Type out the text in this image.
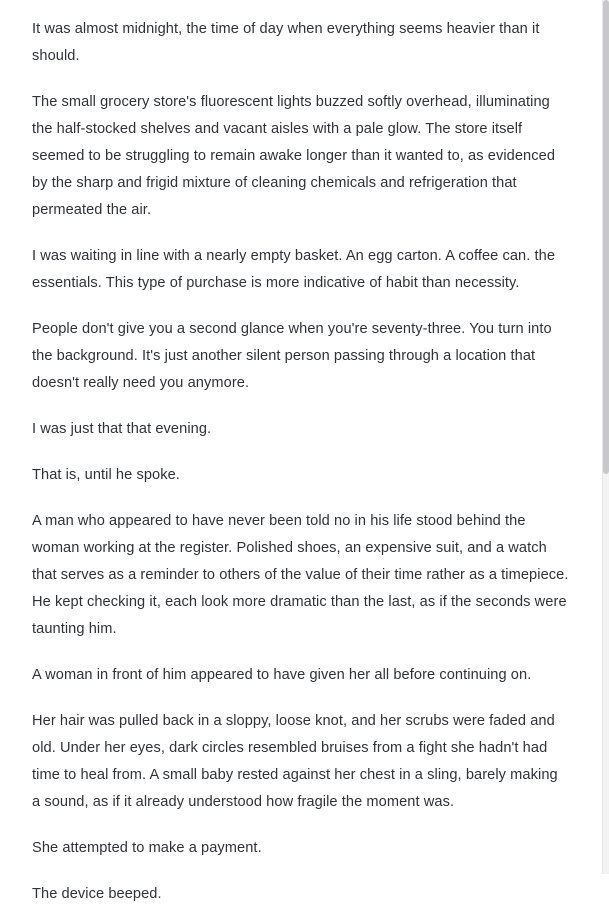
It was almost midnight, the time of day when everything seems heavier than it should.

The small grocery store's fluorescent lights buzzed softly overhead, illuminating the half-stocked shelves and vacant aisles with a pale glow. The store itself seemed to be struggling to remain awake longer than it wanted to, as evidenced by the sharp and frigid mixture of cleaning chemicals and refrigeration that permeated the air.

I was waiting in line with a nearly empty basket. An egg carton. A coffee can. the essentials. This type of purchase is more indicative of habit than necessity.

People don't give you a second glance when you're seventy-three. You turn into the background. It's just another silent person passing through a location that doesn't really need you anymore.

I was just that that evening.

That is, until he spoke.

A man who appeared to have never been told no in his life stood behind the woman working at the register. Polished shoes, an expensive suit, and a watch that serves as a reminder to others of the value of their time rather as a timepiece. He kept checking it, each look more dramatic than the last, as if the seconds were taunting him.

A woman in front of him appeared to have given her all before continuing on.

Her hair was pulled back in a sloppy, loose knot, and her scrubs were faded and old. Under her eyes, dark circles resembled bruises from a fight she hadn't had time to heal from. A small baby rested against her chest in a sling, barely making a sound, as if it already understood how fragile the moment was.

She attempted to make a payment.

The device beeped.
